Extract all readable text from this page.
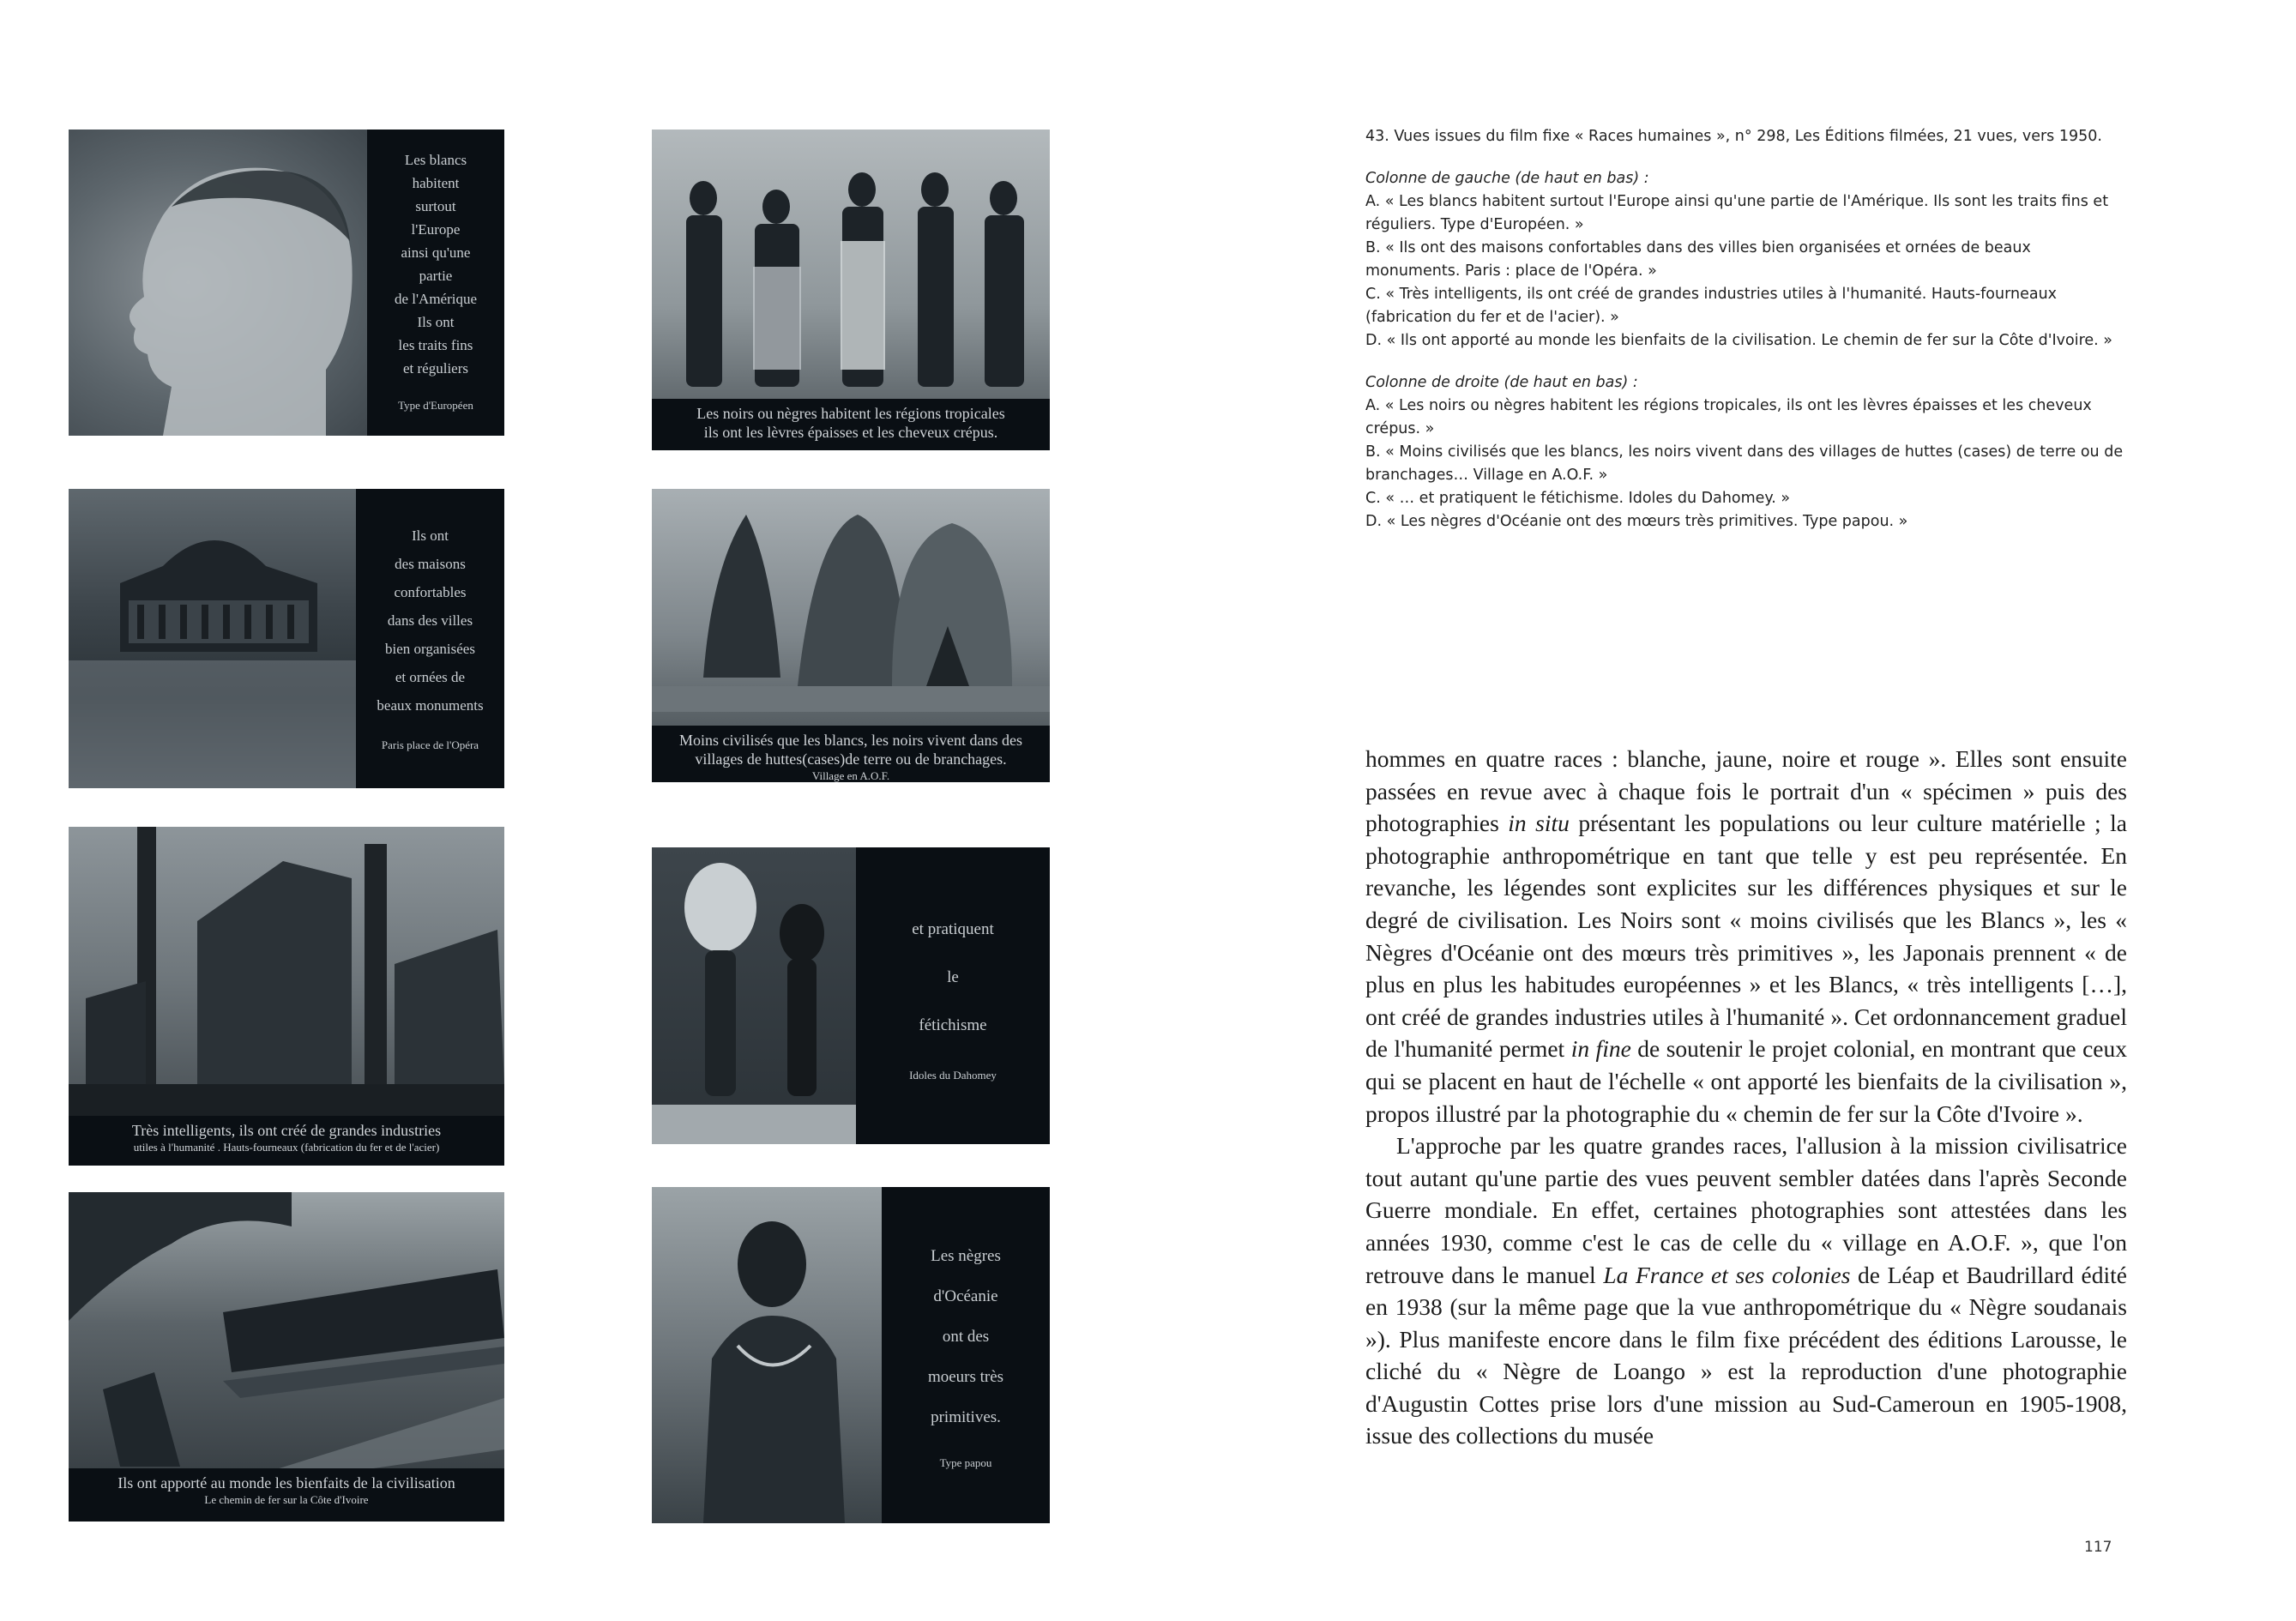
Les blancs
habitent
surtout
l'Europe
ainsi qu'une
partie
de l'Amérique
Ils ont
les traits fins
et réguliers
Type d'Européen
Ils ont
des maisons
confortables
dans des villes
bien organisées
et ornées de
beaux monuments
Paris place de l'Opéra
Très intelligents, ils ont créé de grandes industries
utiles à l'humanité . Hauts-fourneaux (fabrication du fer et de l'acier)
Ils ont apporté au monde les bienfaits de la civilisation
Le chemin de fer sur la Côte d'Ivoire
Les noirs ou nègres habitent les régions tropicales
ils ont les lèvres épaisses et les cheveux crépus.
Moins civilisés que les blancs, les noirs vivent dans des villages de huttes(cases)de terre ou de branchages.
Village en A.O.F.
et pratiquent
le
fétichisme
Idoles du Dahomey
Les nègres
d'Océanie
ont des
moeurs très
primitives.
Type papou

43. Vues issues du film fixe « Races humaines », n° 298, Les Éditions filmées, 21 vues, vers 1950.

Colonne de gauche (de haut en bas) :

A. « Les blancs habitent surtout l'Europe ainsi qu'une partie de l'Amérique. Ils sont les traits fins et réguliers. Type d'Européen. »

B. « Ils ont des maisons confortables dans des villes bien organisées et ornées de beaux monuments. Paris : place de l'Opéra. »

C. « Très intelligents, ils ont créé de grandes industries utiles à l'humanité. Hauts-fourneaux (fabrication du fer et de l'acier). »

D. « Ils ont apporté au monde les bienfaits de la civilisation. Le chemin de fer sur la Côte d'Ivoire. »

Colonne de droite (de haut en bas) :

A. « Les noirs ou nègres habitent les régions tropicales, ils ont les lèvres épaisses et les cheveux crépus. »

B. « Moins civilisés que les blancs, les noirs vivent dans des villages de huttes (cases) de terre ou de branchages… Village en A.O.F. »

C. « … et pratiquent le fétichisme. Idoles du Dahomey. »

D. « Les nègres d'Océanie ont des mœurs très primitives. Type papou. »

hommes en quatre races : blanche, jaune, noire et rouge ». Elles sont ensuite passées en revue avec à chaque fois le portrait d'un « spécimen » puis des photographies in situ présentant les populations ou leur culture matérielle ; la photographie anthropométrique en tant que telle y est peu représentée. En revanche, les légendes sont explicites sur les différences physiques et sur le degré de civilisation. Les Noirs sont « moins civilisés que les Blancs », les « Nègres d'Océanie ont des mœurs très primitives », les Japonais prennent « de plus en plus les habitudes européennes » et les Blancs, « très intelligents […], ont créé de grandes industries utiles à l'humanité ». Cet ordonnancement graduel de l'humanité permet in fine de soutenir le projet colonial, en montrant que ceux qui se placent en haut de l'échelle « ont apporté les bienfaits de la civilisation », propos illustré par la photographie du « chemin de fer sur la Côte d'Ivoire ».

L'approche par les quatre grandes races, l'allusion à la mission civilisatrice tout autant qu'une partie des vues peuvent sembler datées dans l'après Seconde Guerre mondiale. En effet, certaines photographies sont attestées dans les années 1930, comme c'est le cas de celle du « village en A.O.F. », que l'on retrouve dans le manuel La France et ses colonies de Léap et Baudrillard édité en 1938 (sur la même page que la vue anthropométrique du « Nègre soudanais »). Plus manifeste encore dans le film fixe précédent des éditions Larousse, le cliché du « Nègre de Loango » est la reproduction d'une photographie d'Augustin Cottes prise lors d'une mission au Sud-Cameroun en 1905-1908, issue des collections du musée

117
